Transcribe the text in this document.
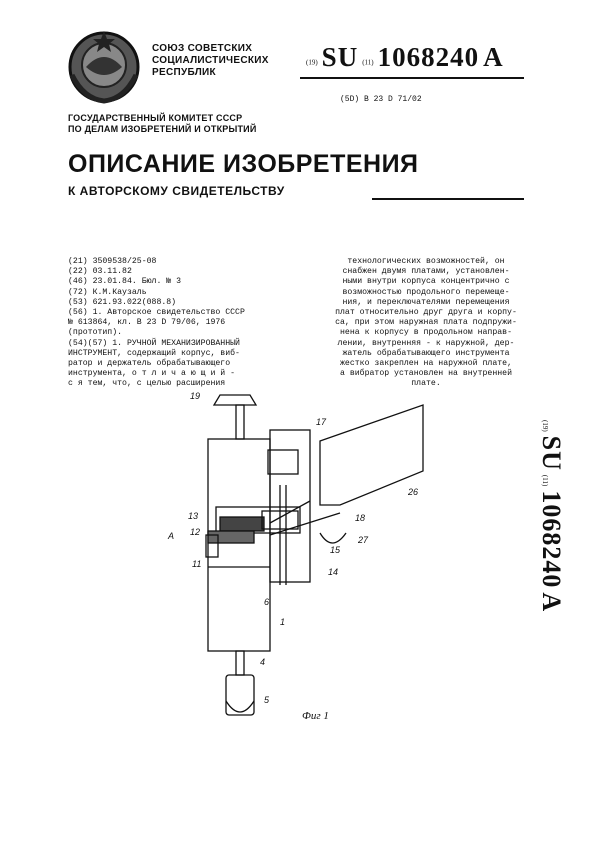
СОЮЗ СОВЕТСКИХ
СОЦИАЛИСТИЧЕСКИХ
РЕСПУБЛИК
(19) SU (11) 1068240 A
(5D) B 23 D 71/02
ГОСУДАРСТВЕННЫЙ КОМИТЕТ СССР
ПО ДЕЛАМ ИЗОБРЕТЕНИЙ И ОТКРЫТИЙ
ОПИСАНИЕ ИЗОБРЕТЕНИЯ
К АВТОРСКОМУ СВИДЕТЕЛЬСТВУ
(21) 3509538/25-08
(22) 03.11.82
(46) 23.01.84. Бюл. № 3
(72) К.М.Каузаль
(53) 621.93.022(088.8)
(56) 1. Авторское свидетельство СССР
№ 613864, кл. В 23 D 79/06, 1976
(прототип).
(54)(57) 1. РУЧНОЙ МЕХАНИЗИРОВАННЫЙ
ИНСТРУМЕНТ, содержащий корпус, виб-
ратор и держатель обрабатывающего
инструмента, о т л и ч а ю щ и й -
с я тем, что, с целью расширения
технологических возможностей, он
снабжен двумя платами, установлен-
ными внутри корпуса концентрично с
возможностью продольного перемеще-
ния, и переключателями перемещения
плат относительно друг друга и корпу-
са, при этом наружная плата подпружи-
нена к корпусу в продольном направ-
лении, внутренняя - к наружной, дер-
жатель обрабатывающего инструмента
жестко закреплен на наружной плате,
а вибратор установлен на внутренней
плате.
19
17
26
18
13
А 12
27
15
11
14
6
1
4
5
Фиг 1
(19) SU (11) 1068240 A
